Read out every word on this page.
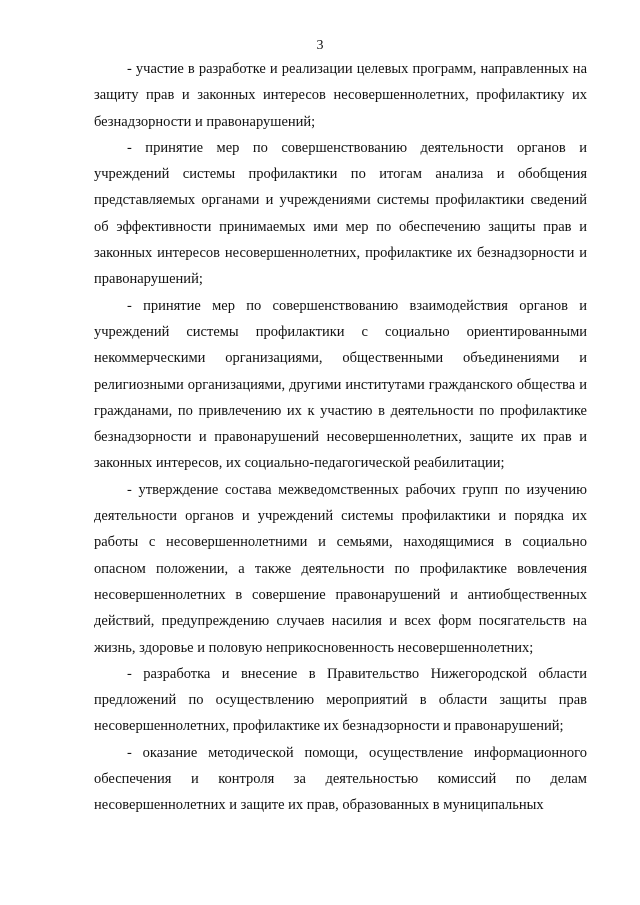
3

- участие в разработке и реализации целевых программ, направленных на защиту прав и законных интересов несовершеннолетних, профилактику их безнадзорности и правонарушений;

- принятие мер по совершенствованию деятельности органов и учреждений системы профилактики по итогам анализа и обобщения представляемых органами и учреждениями системы профилактики сведений об эффективности принимаемых ими мер по обеспечению защиты прав и законных интересов несовершеннолетних, профилактике их безнадзорности и правонарушений;

- принятие мер по совершенствованию взаимодействия органов и учреждений системы профилактики с социально ориентированными некоммерческими организациями, общественными объединениями и религиозными организациями, другими институтами гражданского общества и гражданами, по привлечению их к участию в деятельности по профилактике безнадзорности и правонарушений несовершеннолетних, защите их прав и законных интересов, их социально-педагогической реабилитации;

- утверждение состава межведомственных рабочих групп по изучению деятельности органов и учреждений системы профилактики и порядка их работы с несовершеннолетними и семьями, находящимися в социально опасном положении, а также деятельности по профилактике вовлечения несовершеннолетних в совершение правонарушений и антиобщественных действий, предупреждению случаев насилия и всех форм посягательств на жизнь, здоровье и половую неприкосновенность несовершеннолетних;

- разработка и внесение в Правительство Нижегородской области предложений по осуществлению мероприятий в области защиты прав несовершеннолетних, профилактике их безнадзорности и правонарушений;

- оказание методической помощи, осуществление информационного обеспечения и контроля за деятельностью комиссий по делам несовершеннолетних и защите их прав, образованных в муниципальных
